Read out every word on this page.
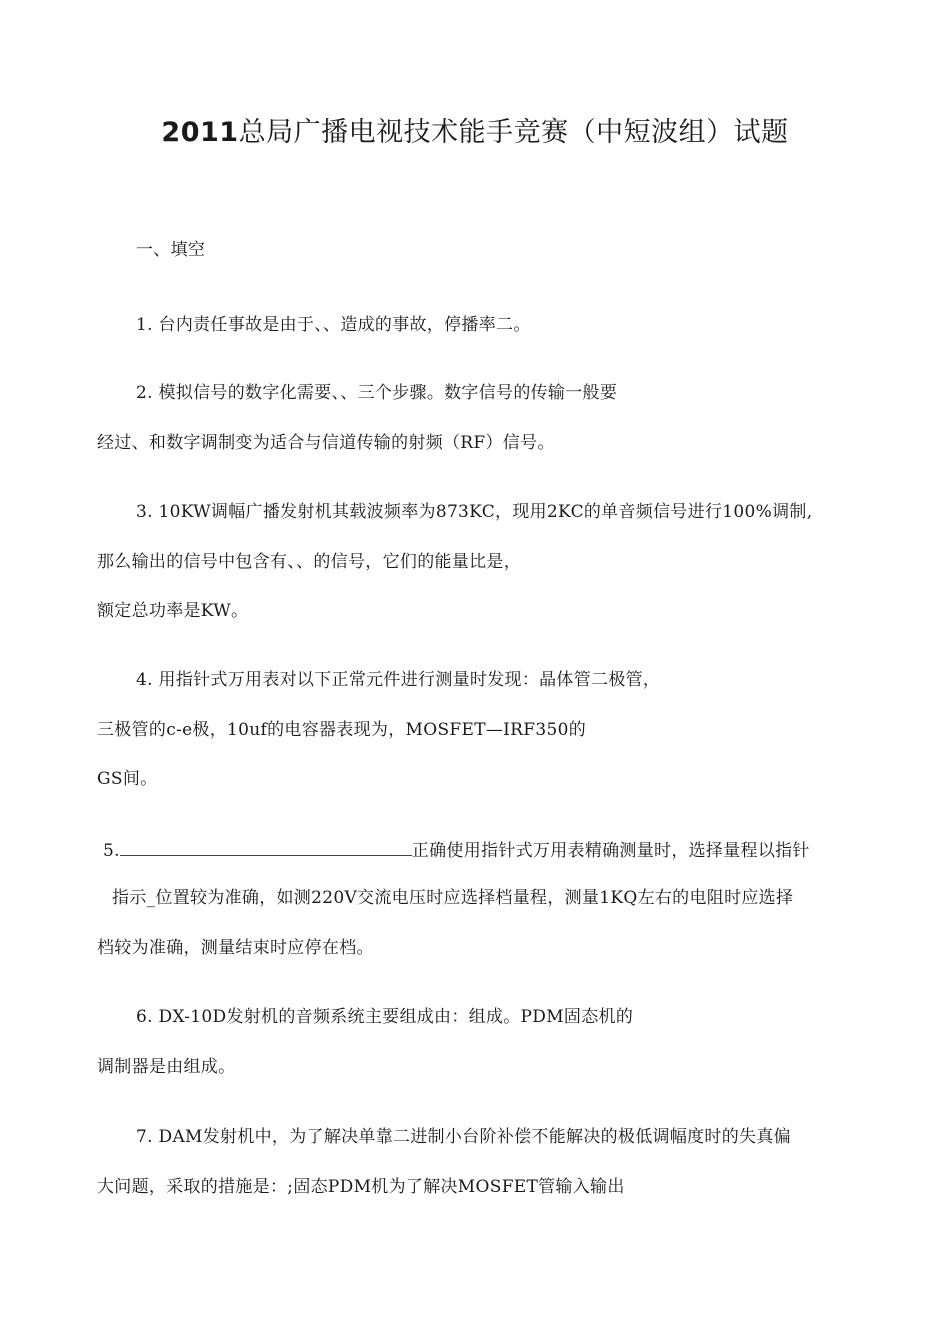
2011总局广播电视技术能手竞赛（中短波组）试题
一、填空
1. 台内责任事故是由于、、造成的事故，停播率二。
2. 模拟信号的数字化需要、、三个步骤。数字信号的传输一般要
经过、和数字调制变为适合与信道传输的射频（RF）信号。
3. 10KW调幅广播发射机其载波频率为873KC，现用2KC的单音频信号进行100%调制,
那么输出的信号中包含有、、的信号，它们的能量比是，
额定总功率是KW。
4. 用指针式万用表对以下正常元件进行测量时发现：晶体管二极管，
三极管的c-e极，10uf的电容器表现为，MOSFET—IRF350的
GS间。
5.	正确使用指针式万用表精确测量时，选择量程以指针
指示_位置较为准确，如测220V交流电压时应选择档量程，测量1KQ左右的电阻时应选择
档较为准确，测量结束时应停在档。
6. DX-10D发射机的音频系统主要组成由：组成。PDM固态机的
调制器是由组成。
7. DAM发射机中，为了解决单靠二进制小台阶补偿不能解决的极低调幅度时的失真偏
大问题，采取的措施是：;固态PDM机为了解决MOSFET管输入输出
